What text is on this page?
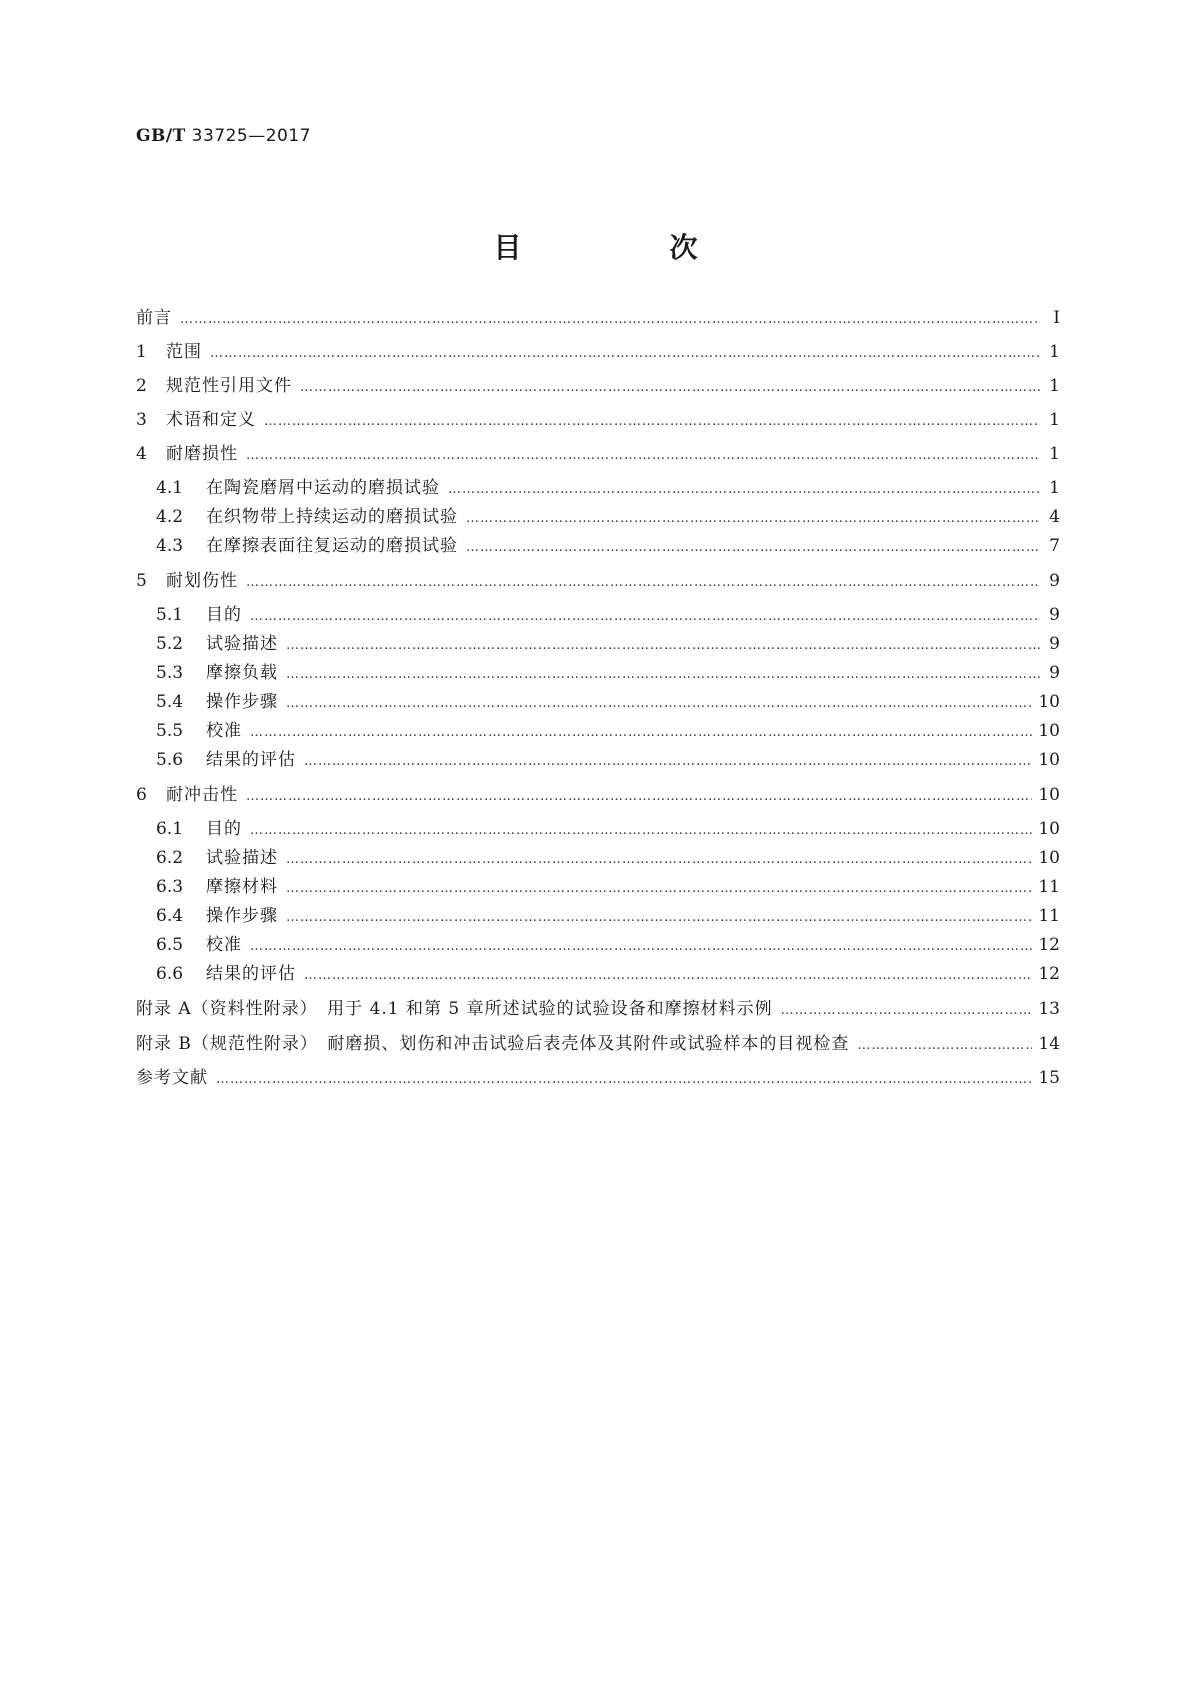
GB/T 33725—2017
目　次
前言 …………………………………………………………………………………………………………………………………………………………………………………………………………………………………………………………………………………	Ⅰ
1	范围 …………………………………………………………………………………………………………………………………………………………………………………………………………………………………………………………………………………	1
2	规范性引用文件 …………………………………………………………………………………………………………………………………………………………………………………………………………………………………………………………………………………	1
3	术语和定义 …………………………………………………………………………………………………………………………………………………………………………………………………………………………………………………………………………………	1
4	耐磨损性 …………………………………………………………………………………………………………………………………………………………………………………………………………………………………………………………………………………	1
4.1	在陶瓷磨屑中运动的磨损试验 …………………………………………………………………………………………………………………………………………………………………………………………………………………………………………………………………………………	1
4.2	在织物带上持续运动的磨损试验 …………………………………………………………………………………………………………………………………………………………………………………………………………………………………………………………………………………	4
4.3	在摩擦表面往复运动的磨损试验 …………………………………………………………………………………………………………………………………………………………………………………………………………………………………………………………………………………	7
5	耐划伤性 …………………………………………………………………………………………………………………………………………………………………………………………………………………………………………………………………………………	9
5.1	目的 …………………………………………………………………………………………………………………………………………………………………………………………………………………………………………………………………………………	9
5.2	试验描述 …………………………………………………………………………………………………………………………………………………………………………………………………………………………………………………………………………………	9
5.3	摩擦负载 …………………………………………………………………………………………………………………………………………………………………………………………………………………………………………………………………………………	9
5.4	操作步骤 …………………………………………………………………………………………………………………………………………………………………………………………………………………………………………………………………………………	10
5.5	校准 …………………………………………………………………………………………………………………………………………………………………………………………………………………………………………………………………………………	10
5.6	结果的评估 …………………………………………………………………………………………………………………………………………………………………………………………………………………………………………………………………………………	10
6	耐冲击性 …………………………………………………………………………………………………………………………………………………………………………………………………………………………………………………………………………………	10
6.1	目的 …………………………………………………………………………………………………………………………………………………………………………………………………………………………………………………………………………………	10
6.2	试验描述 …………………………………………………………………………………………………………………………………………………………………………………………………………………………………………………………………………………	10
6.3	摩擦材料 …………………………………………………………………………………………………………………………………………………………………………………………………………………………………………………………………………………	11
6.4	操作步骤 …………………………………………………………………………………………………………………………………………………………………………………………………………………………………………………………………………………	11
6.5	校准 …………………………………………………………………………………………………………………………………………………………………………………………………………………………………………………………………………………	12
6.6	结果的评估 …………………………………………………………………………………………………………………………………………………………………………………………………………………………………………………………………………………	12
附录 A（资料性附录）　用于 4.1 和第 5 章所述试验的试验设备和摩擦材料示例 …………………………………………………………………………………………………………………………………………………………………………………………………………………………………………………………………………………	13
附录 B（规范性附录）　耐磨损、划伤和冲击试验后表壳体及其附件或试验样本的目视检查 …………………………………………………………………………………………………………………………………………………………………………………………………………………………………………………………………………………	14
参考文献 …………………………………………………………………………………………………………………………………………………………………………………………………………………………………………………………………………………	15
